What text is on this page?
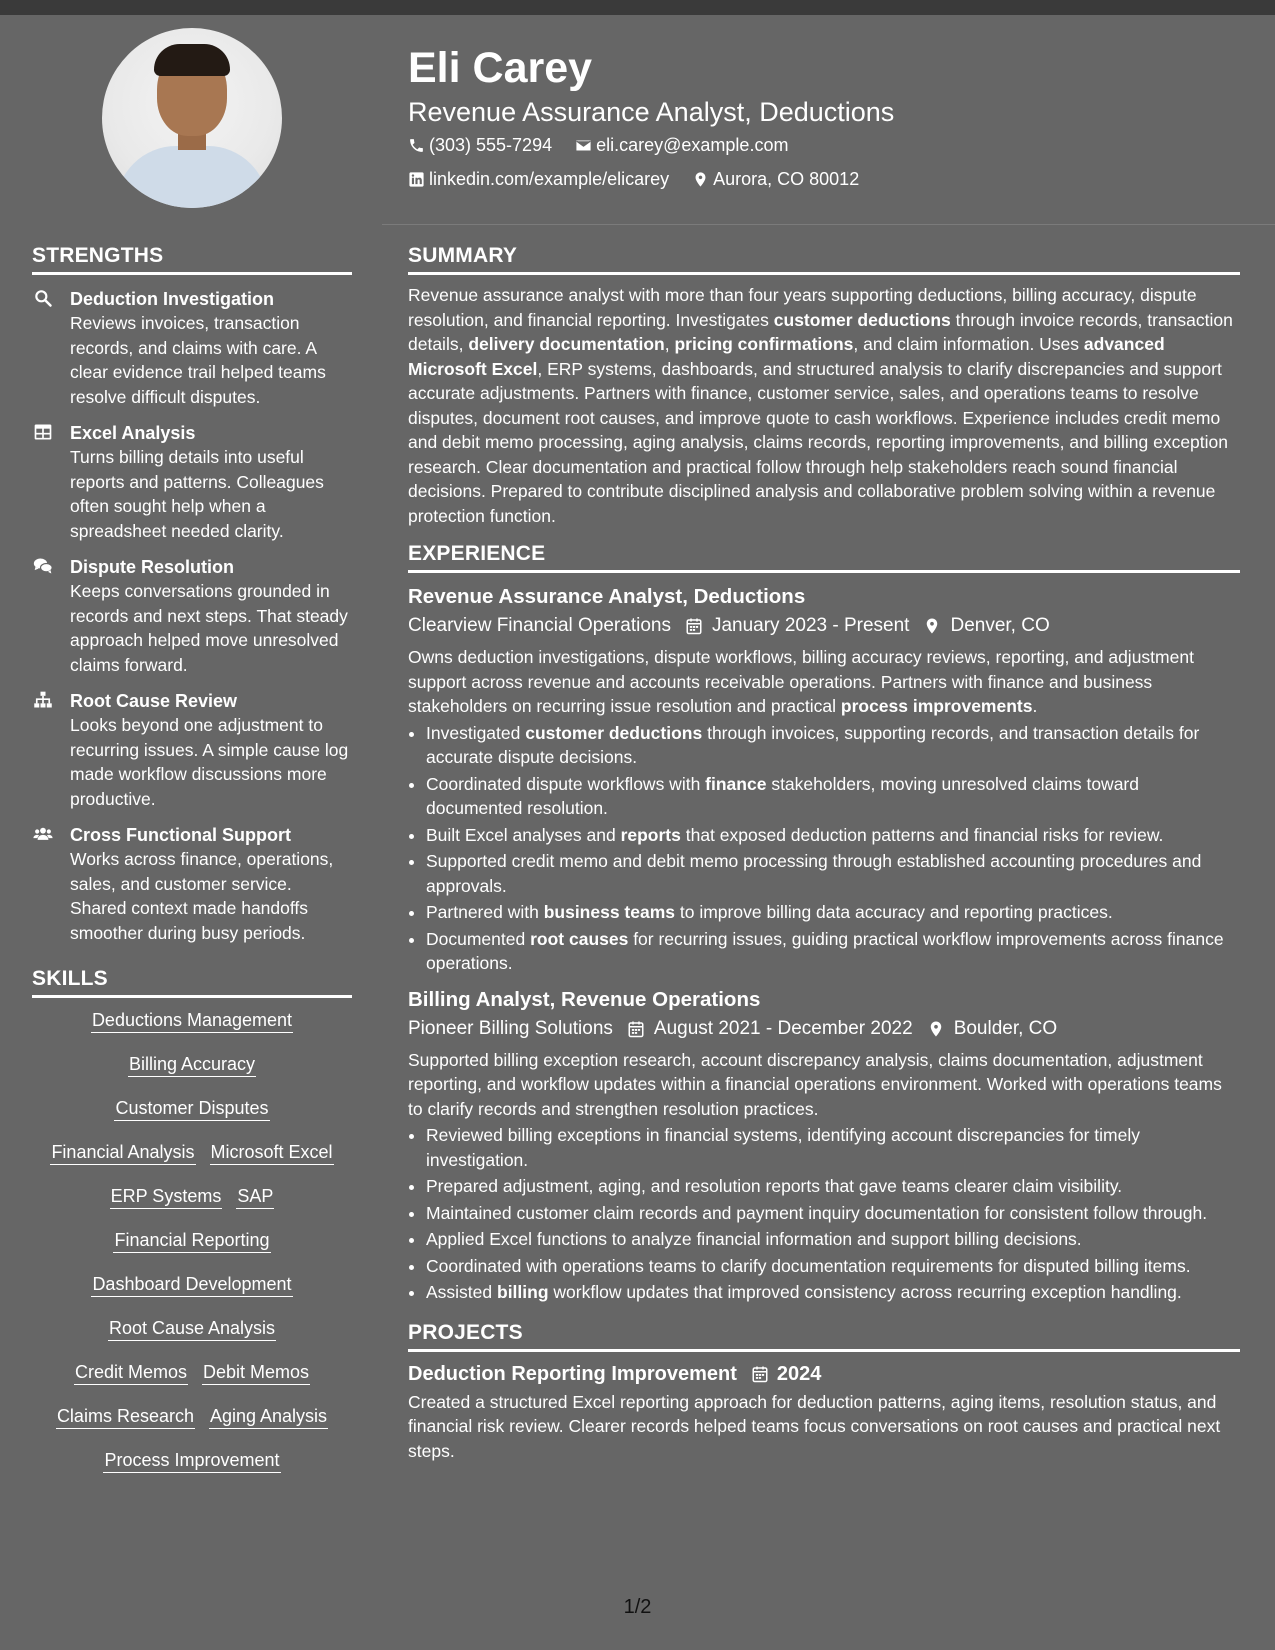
STRENGTHS
Deduction Investigation
Reviews invoices, transaction records, and claims with care. A clear evidence trail helped teams resolve difficult disputes.
Excel Analysis
Turns billing details into useful reports and patterns. Colleagues often sought help when a spreadsheet needed clarity.
Dispute Resolution
Keeps conversations grounded in records and next steps. That steady approach helped move unresolved claims forward.
Root Cause Review
Looks beyond one adjustment to recurring issues. A simple cause log made workflow discussions more productive.
Cross Functional Support
Works across finance, operations, sales, and customer service. Shared context made handoffs smoother during busy periods.
SKILLS
Deductions Management
Billing Accuracy
Customer Disputes
Financial Analysis Microsoft Excel
ERP Systems SAP
Financial Reporting
Dashboard Development
Root Cause Analysis
Credit Memos Debit Memos
Claims Research Aging Analysis
Process Improvement
Eli Carey
Revenue Assurance Analyst, Deductions
(303) 555-7294
eli.carey@example.com
linkedin.com/example/elicarey
Aurora, CO 80012
SUMMARY
Revenue assurance analyst with more than four years supporting deductions, billing accuracy, dispute resolution, and financial reporting. Investigates customer deductions through invoice records, transaction details, delivery documentation, pricing confirmations, and claim information. Uses advanced Microsoft Excel, ERP systems, dashboards, and structured analysis to clarify discrepancies and support accurate adjustments. Partners with finance, customer service, sales, and operations teams to resolve disputes, document root causes, and improve quote to cash workflows. Experience includes credit memo and debit memo processing, aging analysis, claims records, reporting improvements, and billing exception research. Clear documentation and practical follow through help stakeholders reach sound financial decisions. Prepared to contribute disciplined analysis and collaborative problem solving within a revenue protection function.
EXPERIENCE
Revenue Assurance Analyst, Deductions
Clearview Financial Operations January 2023 - Present Denver, CO
Owns deduction investigations, dispute workflows, billing accuracy reviews, reporting, and adjustment support across revenue and accounts receivable operations. Partners with finance and business stakeholders on recurring issue resolution and practical process improvements.
• Investigated customer deductions through invoices, supporting records, and transaction details for accurate dispute decisions.
• Coordinated dispute workflows with finance stakeholders, moving unresolved claims toward documented resolution.
• Built Excel analyses and reports that exposed deduction patterns and financial risks for review.
• Supported credit memo and debit memo processing through established accounting procedures and approvals.
• Partnered with business teams to improve billing data accuracy and reporting practices.
• Documented root causes for recurring issues, guiding practical workflow improvements across finance operations.
Billing Analyst, Revenue Operations
Pioneer Billing Solutions August 2021 - December 2022 Boulder, CO
Supported billing exception research, account discrepancy analysis, claims documentation, adjustment reporting, and workflow updates within a financial operations environment. Worked with operations teams to clarify records and strengthen resolution practices.
• Reviewed billing exceptions in financial systems, identifying account discrepancies for timely investigation.
• Prepared adjustment, aging, and resolution reports that gave teams clearer claim visibility.
• Maintained customer claim records and payment inquiry documentation for consistent follow through.
• Applied Excel functions to analyze financial information and support billing decisions.
• Coordinated with operations teams to clarify documentation requirements for disputed billing items.
• Assisted billing workflow updates that improved consistency across recurring exception handling.
PROJECTS
Deduction Reporting Improvement 2024
Created a structured Excel reporting approach for deduction patterns, aging items, resolution status, and financial risk review. Clearer records helped teams focus conversations on root causes and practical next steps.
1/2
